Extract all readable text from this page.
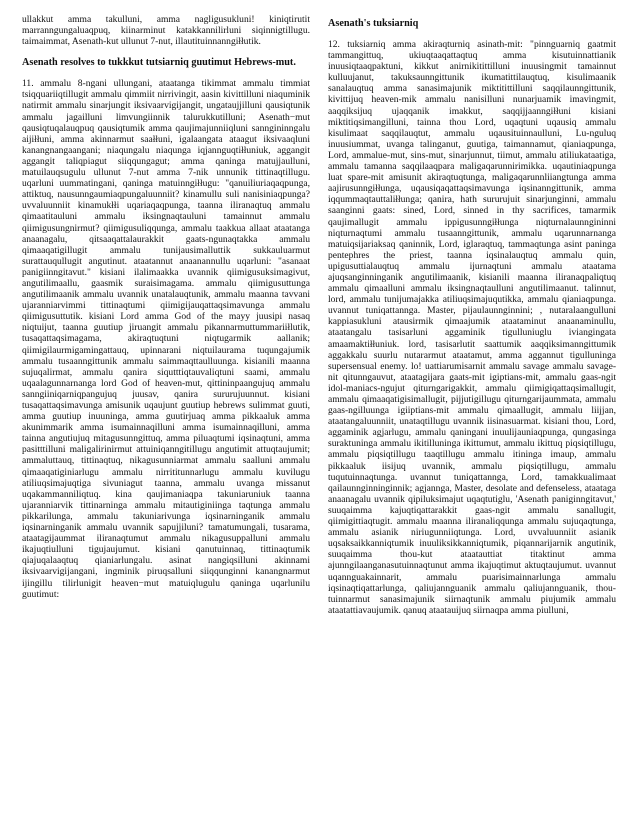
ullakkut amma takulluni, amma nagligusukluni! kiniqtirutit marranngungaluaqpuq, kiinarminut katakkannilirluni siqinnigtillugu. taimaimmat, Asenath-kut ullunut 7-nut, illautituinnanngiłłutik.

Asenath resolves to tukkkut tutsiarniq guutimut Hebrews-mut.

11. ammalu 8-ngani ullungani, ataatanga tikimmat ammalu timmiat tsiqquariiqtillugit ammalu qimmiit nirrivingit, aasin kivittilluni niaquminik natirmit ammalu sinarjungit iksivaarvigijangit, ungataujjilluni qausiqtunik ammalu jagailluni limvungiinnik talurukkutilluni; Asenath−mut qausiqtuqalauqpuq qausiqtumik amma qaujimajunniiqluni sanngininngalu aijiłłuni, amma akinnarmut saałłuni, igalaangata ataagut iksivaaqluni kanangnangaangani; niaqungalu niaqunga iqjannguqtiłłuniuk, aggangit aggangit taliqpiagut siiqqungagut; amma qaninga matujjaulluni, matuilauqsugulu ullunut 7-nut amma 7-nik unnunik tittinaqtillugu. uqarluni uummatingani, qaninga matuinngiłługu: "qanuiliuriaqaqpunga, attiktuq, nausunngaumiaqpungaluunniit? kinamullu suli nanisiniaqpunga? uvvaluunniit kinamukłłi uqariaqaqpunga, taanna iliranaqtuq ammalu qimaatitauluni ammalu iksingnaqtauluni tamainnut ammalu qiimigusungnirmut? qiimigusuliqqunga, ammalu taakkua allaat ataatanga anaanagalu, qitsaaqattalaurakkit gaats-ngunaqtakka ammalu qimaaqatigillugit ammalu tunijausimalluttik sukkauluarmut surattauqullugit angutinut. ataatannut anaanannullu uqarluni: "asanaat panigiinngitavut." kisiani ilalimaakka uvannik qiimigusuksimagivut, angutilimaallu, gaasmik suraisimagama. ammalu qiimigusuttunga angutilimaanik ammalu uvannik unatalauqtunik, ammalu maanna tavvani ujaranniarvimmi tittinaqtumi qiimigijauqattaqsimavunga ammalu qiimigusuttutik. kisiani Lord amma God of the mayy juusipi nasaq niqtuijut, taanna guutiup jiruangit ammalu pikannarmuttummariiłlutik, tusaqattaqsimagama, akiraqtuqtuni niqtugarmik aallanik; qiimigilaurmigamingattauq, upinnarani niqtuilaurama tuqungajumik ammalu tusaanngittunik ammalu saimmaqttaulluunga. kisianili maanna sujuqalirmat, ammalu qanira siqutttiqtauvaliqtuni saami, ammalu uqaalagunnarnanga lord God of heaven-mut, qittininpaangujuq ammalu sanngiiniqarniqpangujuq juusav, qanira sururujuunnut. kisiani tusaqattaqsimavunga amisunik uqaujunt guutiup hebrews sulimmat guuti, amma guutiup inuuninga, amma guutirjuaq amma pikkaaluk amma akunimmarik amma isumainnaqilluni amma isumainnaqilluni, amma tainna angutiujuq mitagusunngittuq, amma piluaqtumi iqsinaqtuni, amma pasitttilluni maligalirinirmut attuiniqanngitillugu angutimit attuqtaujumit; ammaluttauq, tittinaqtuq, nikagusunniarmat ammalu saalluni ammalu qimaaqatiginiarlugu ammalu nirrititunnarlugu ammalu kuvilugu atiliuqsimajuqtiga sivuniagut taanna, ammalu uvanga missanut uqakammanniliqtuq. kina qaujimaniaqpa takuniaruniuk taanna ujaranniarvik tittinarninga ammalu mitautiginiinga taqtunga ammalu pikkarilunga, ammalu takuniarivunga iqsinarninganik ammalu iqsinarninganik ammalu uvannik sapujjiluni? tamatumungali, tusarama, ataatagijaummat iliranaqtumut ammalu nikagusuppalluni ammalu ikajuqtiulluni tigujaujumut. kisiani qanutuinnaq, tittinaqtumik qiajuqalaaqtuq qianiarlungalu. asinat nangiqsilluni akinnami iksivaarvigijangani, ingminik piruqsalluni siiqqunginni kanangnarmut ijingillu tilirlunigit heaven−mut matuiqlugulu qaninga uqarlunilu guutimut:

Asenath's tuksiarniq

12. tuksiarniq amma akiraqturniq asinath-mit: "pinnguarniq gaatmit tammangittuq, ukiuqtaaqattaqtuq amma kisutuinnattianik inuusiqtaaqpaktuni, kikkut anirnikitittilluni inuusingmit tamainnut kulluujanut, takuksaunngittunik ikumatittilauqtuq, kisulimaanik sanalauqtuq amma sanasimajunik miktitittilluni saqqilaunngittunik, kivittijuq heaven-mik ammalu nanisilluni nunarjuamik imavingmit, aaqqiksijuq ujaqqanik imakkut, saqqijjaanngiłłuni kisiani miktitiqsimangilluni, tainna thou Lord, uqaqtuni uqausiq ammalu kisulimaat saqqilauqtut, ammalu uqausituinnaulluni, Lu-nguluq inuusiummat, uvanga talinganut, guutiga, taimannamut, qianiaqpunga, Lord, ammalue-mut, sins-mut, sinarjunnut, tiimut, ammalu atiliukataatiga, ammalu tamanna saqqilaaqpara maligaqarunnirimikka. uqautiniaqpunga luat spare-mit amisunit akiraqtuqtunga, maligaqarunnliiangtunga amma aajirusunngiłłunga, uqausiqaqattaqsimavunga iqsinanngittunik, amma iqqummaqtauttaliłłunga; qanira, hath sururujuit sinarjunginni, ammalu saanginni gaats: sined, Lord, sinned in thy sacrifices, tamarmik qaujimallugit ammalu ippigusunngiłłunga niqturnalaunngininni niqturnaqtumi ammalu tusaanngittunik, ammalu uqarunnarnanga matuiqsijariaksaq qaninnik, Lord, iglaraqtuq, tammaqtunga asint paninga pentephres the priest, taanna iqsinalauqtuq ammalu quin, upigusuttialauqtuq ammalu ijurnaqtuni ammalu ataatama ajuqsanginninganik angutilimaanik, kisianili maanna iliranaqpaliqtuq ammalu qimaalluni ammalu iksingnaqtaulluni angutilimaanut. talinnut, lord, ammalu tunijumajakka atiliuqsimajuqutikka, ammalu qianiaqpunga. uvannut tuniqattannga. Master, pijaulaunnginnini; , nutaralaangulluni kappiasukluni atausirmik qimaajumik ataataminut anaanaminullu, ataatangalu tasisarluni aggaminik tigulluniuglu iviangingata amaamaktiłłuniuk. lord, tasisarlutit saattumik aaqqiksimanngittumik aggakkalu suurlu nutararmut ataatamut, amma aggannut tigulluninga supersensual enemy. lo! uattiarumisarnit ammalu savage ammalu savage-nit qitunngauvut, ataatagijara gaats-mit igiptians-mit, ammalu gaas-ngit idol-maniacs-ngujut qiturngarigakkit, ammalu qiimigiqattaqsimallugit, ammalu qimaaqatigisimallugit, pijjutigillugu qiturngarijaummata, ammalu gaas-ngilluunga igiiptians-mit ammalu qimaallugit, ammalu liijjan, ataatangaluunniit, unataqtillugu uvannik iisinasuarmat. kisiani thou, Lord, aggaminik agjarlugu, ammalu qaningani inuulijauniaqpunga, qungasinga suraktuninga ammalu ikitilluninga ikittumut, ammalu ikittuq piqsiqtillugu, ammalu piqsiqtillugu taaqtillugu ammalu itininga imaup, ammalu pikkaaluk iisijuq uvannik, ammalu piqsiqtillugu, ammalu tuqutuinnaqtunga. uvannut tuniqattannga, Lord, tamakkualimaat qailaunnginninginnik; agjannga, Master, desolate and defenseless, ataataga anaanagalu uvannik qipiluksimajut uqaqtutiglu, 'Asenath paniginngitavut,' suuqaimma kajuqtiqattarakkit gaas-ngit ammalu sanallugit, qiimigittiaqtugit. ammalu maanna iliranaliqqunga ammalu sujuqaqtunga, ammalu asianik niriugunniiqtunga. Lord, uvvaluunniit asianik uqsaksaikkanniqtumik inuuliksikkanniqtumik, piqannarijarnik angutinik, suuqaimma thou-kut ataatauttiat titaktinut amma ajunngilaanganasutuinnaqtunut amma ikajuqtimut aktuqtaujumut. uvannut uqannguakainnarit, ammalu puarisimainnarlunga ammalu iqsinaqtiqattarlunga, qaliujannguanik ammalu qaliujannguanik, thou-tuinnarmut sanasimajunik siirnaqtunik ammalu piujumik ammalu ataatattiavaujumik. qanuq ataatauijuq siirnaqpa amma piulluni,
